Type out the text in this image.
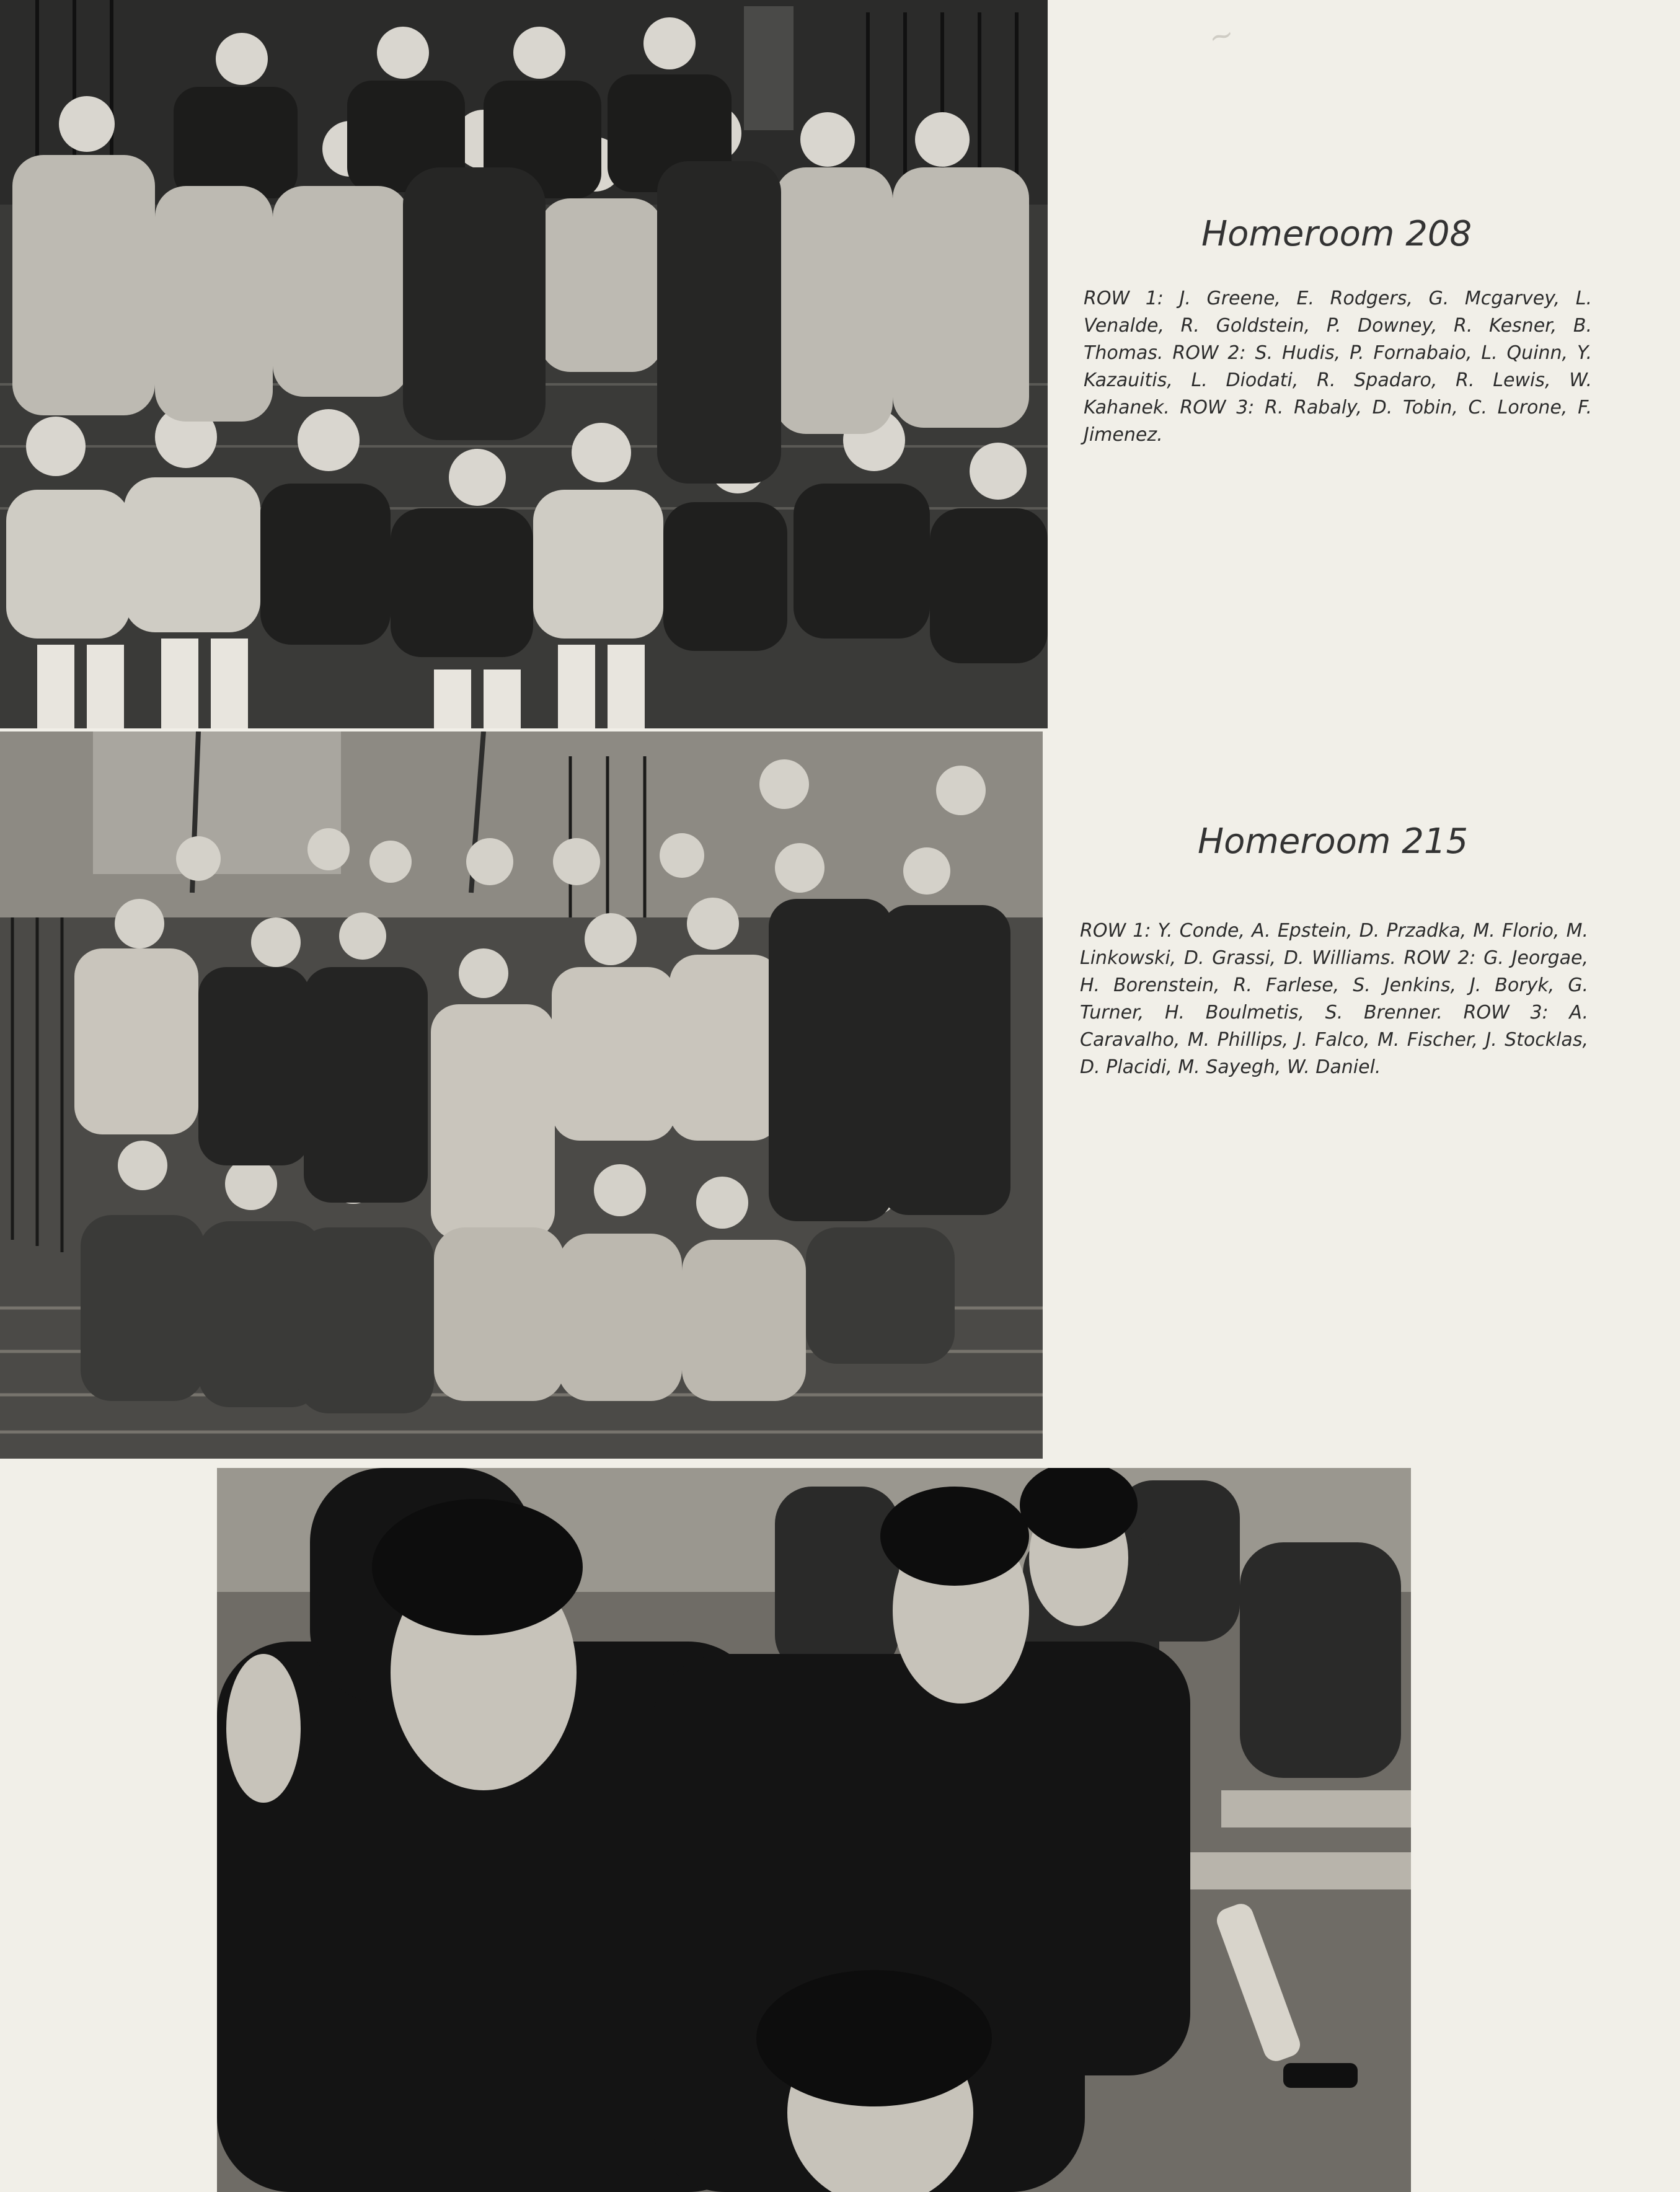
~
Homeroom 208
ROW 1: J. Greene, E. Rodgers, G. Mcgarvey, L. Venalde, R. Goldstein, P. Downey, R. Kesner, B. Thomas. ROW 2: S. Hudis, P. Fornabaio, L. Quinn, Y. Kazauitis, L. Diodati, R. Spadaro, R. Lewis, W. Kahanek. ROW 3: R. Rabaly, D. Tobin, C. Lorone, F. Jimenez.
Homeroom 215
ROW 1: Y. Conde, A. Epstein, D. Przadka, M. Florio, M. Linkowski, D. Grassi, D. Williams. ROW 2: G. Jeorgae, H. Borenstein, R. Farlese, S. Jenkins, J. Boryk, G. Turner, H. Boulmetis, S. Brenner. ROW 3: A. Caravalho, M. Phillips, J. Falco, M. Fischer, J. Stocklas, D. Placidi, M. Sayegh, W. Daniel.
